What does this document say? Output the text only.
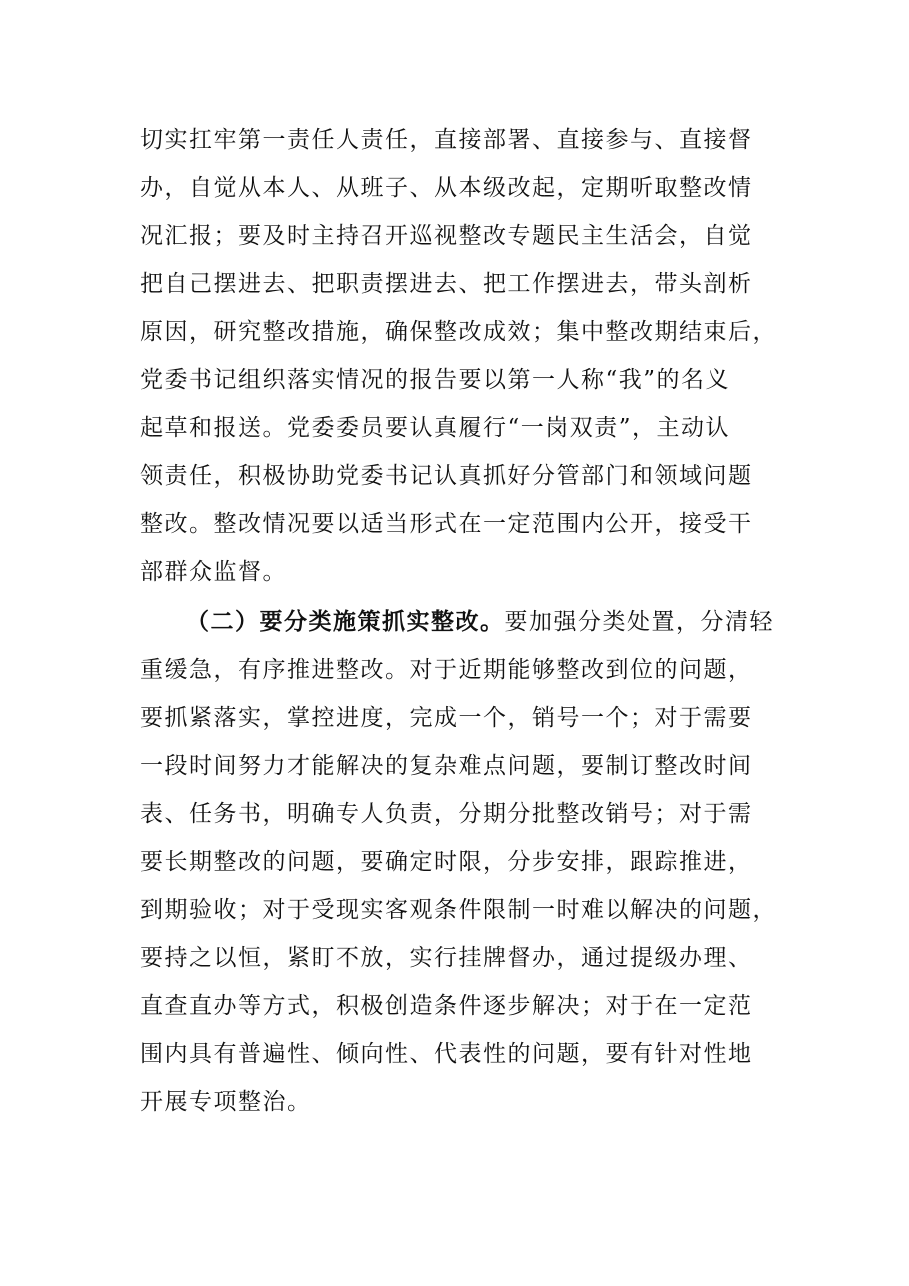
切实扛牢第一责任人责任，直接部署、直接参与、直接督
办，自觉从本人、从班子、从本级改起，定期听取整改情
况汇报；要及时主持召开巡视整改专题民主生活会，自觉
把自己摆进去、把职责摆进去、把工作摆进去，带头剖析
原因，研究整改措施，确保整改成效；集中整改期结束后，
党委书记组织落实情况的报告要以第一人称“我”的名义
起草和报送。党委委员要认真履行“一岗双责”，主动认
领责任，积极协助党委书记认真抓好分管部门和领域问题
整改。整改情况要以适当形式在一定范围内公开，接受干
部群众监督。
（二）要分类施策抓实整改。要加强分类处置，分清轻
重缓急，有序推进整改。对于近期能够整改到位的问题，
要抓紧落实，掌控进度，完成一个，销号一个；对于需要
一段时间努力才能解决的复杂难点问题，要制订整改时间
表、任务书，明确专人负责，分期分批整改销号；对于需
要长期整改的问题，要确定时限，分步安排，跟踪推进，
到期验收；对于受现实客观条件限制一时难以解决的问题，
要持之以恒，紧盯不放，实行挂牌督办，通过提级办理、
直查直办等方式，积极创造条件逐步解决；对于在一定范
围内具有普遍性、倾向性、代表性的问题，要有针对性地
开展专项整治。
